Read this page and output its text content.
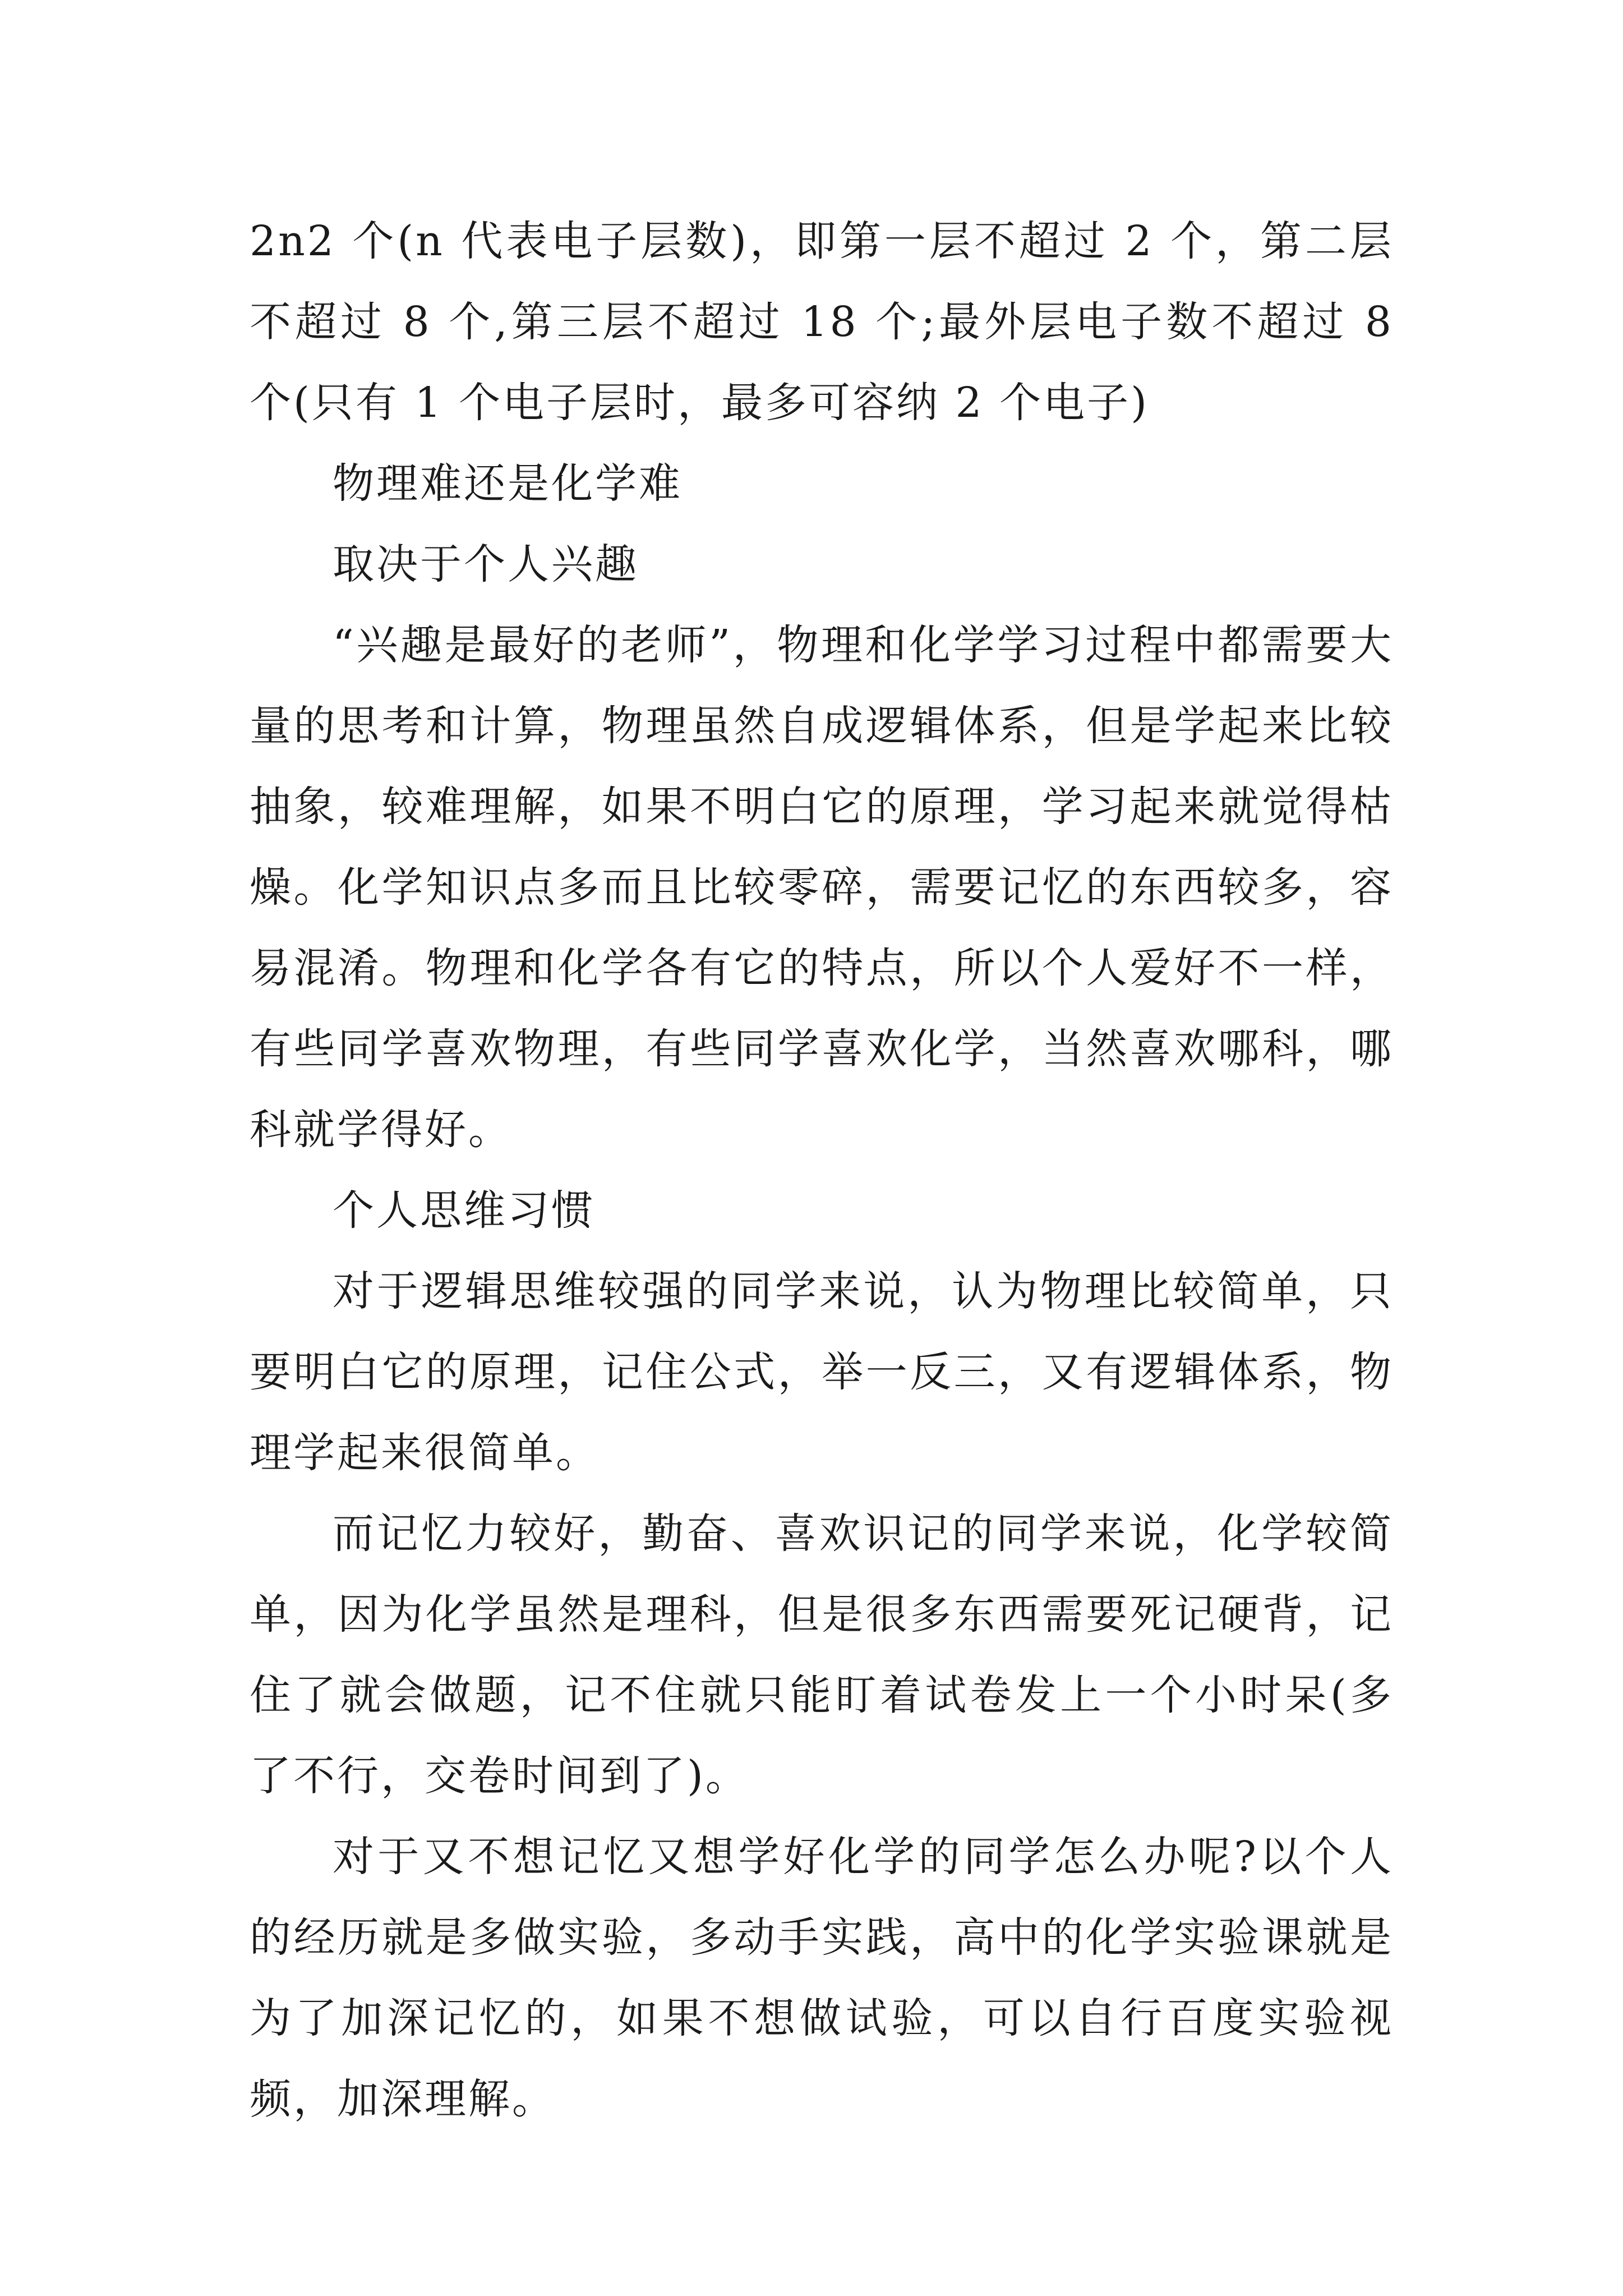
2n2 个(n 代表电子层数)，即第一层不超过 2 个，第二层不超过 8 个,第三层不超过 18 个;最外层电子数不超过 8 个(只有 1 个电子层时，最多可容纳 2 个电子)

物理难还是化学难

取决于个人兴趣

“兴趣是最好的老师”，物理和化学学习过程中都需要大量的思考和计算，物理虽然自成逻辑体系，但是学起来比较抽象，较难理解，如果不明白它的原理，学习起来就觉得枯燥。化学知识点多而且比较零碎，需要记忆的东西较多，容易混淆。物理和化学各有它的特点，所以个人爱好不一样，有些同学喜欢物理，有些同学喜欢化学，当然喜欢哪科，哪科就学得好。

个人思维习惯

对于逻辑思维较强的同学来说，认为物理比较简单，只要明白它的原理，记住公式，举一反三，又有逻辑体系，物理学起来很简单。

而记忆力较好，勤奋、喜欢识记的同学来说，化学较简单，因为化学虽然是理科，但是很多东西需要死记硬背，记住了就会做题，记不住就只能盯着试卷发上一个小时呆(多了不行，交卷时间到了)。

对于又不想记忆又想学好化学的同学怎么办呢?以个人的经历就是多做实验，多动手实践，高中的化学实验课就是为了加深记忆的，如果不想做试验，可以自行百度实验视频，加深理解。
